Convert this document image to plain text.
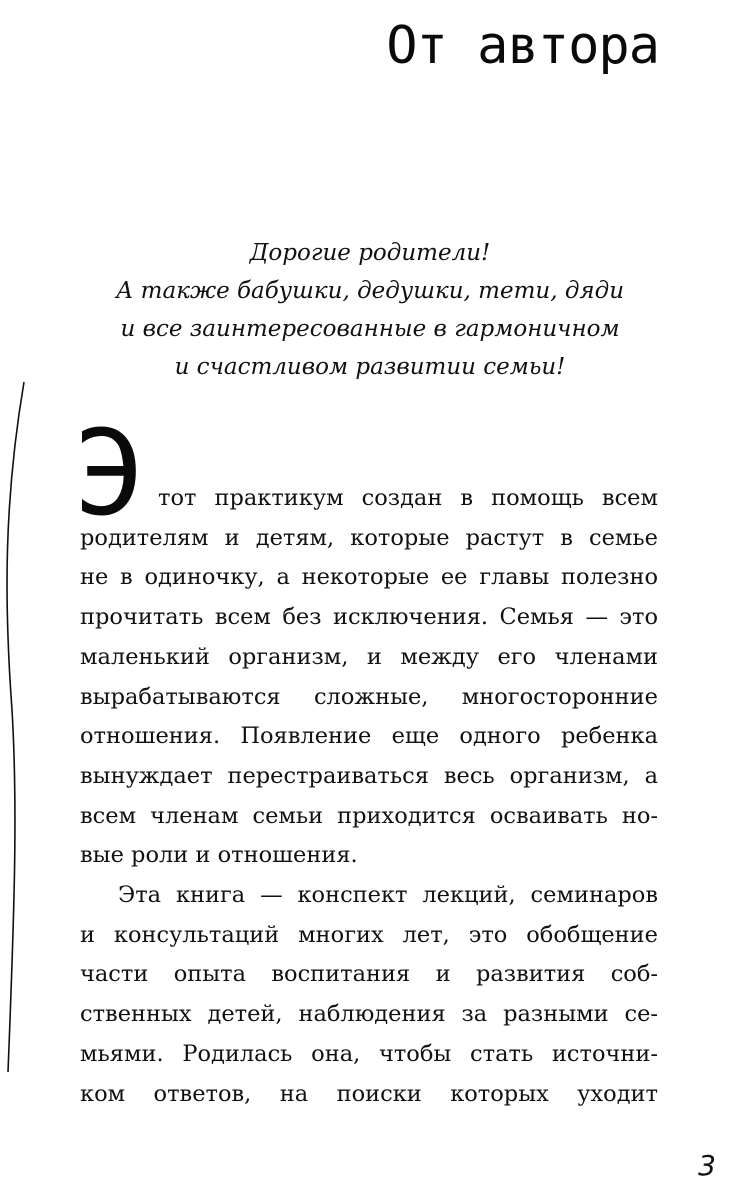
От автора
Дорогие родители!
А также бабушки, дедушки, тети, дяди
и все заинтересованные в гармоничном
и счастливом развитии семьи!
Э тот практикум создан в помощь всем
родителям и детям, которые растут в семье
не в одиночку, а некоторые ее главы полезно
прочитать всем без исключения. Семья — это
маленький организм, и между его членами
вырабатываются сложные, многосторонние
отношения. Появление еще одного ребенка
вынуждает перестраиваться весь организм, а
всем членам семьи приходится осваивать но-
вые роли и отношения.
Эта книга — конспект лекций, семинаров
и консультаций многих лет, это обобщение
части опыта воспитания и развития соб-
ственных детей, наблюдения за разными се-
мьями. Родилась она, чтобы стать источни-
ком ответов, на поиски которых уходит
3
